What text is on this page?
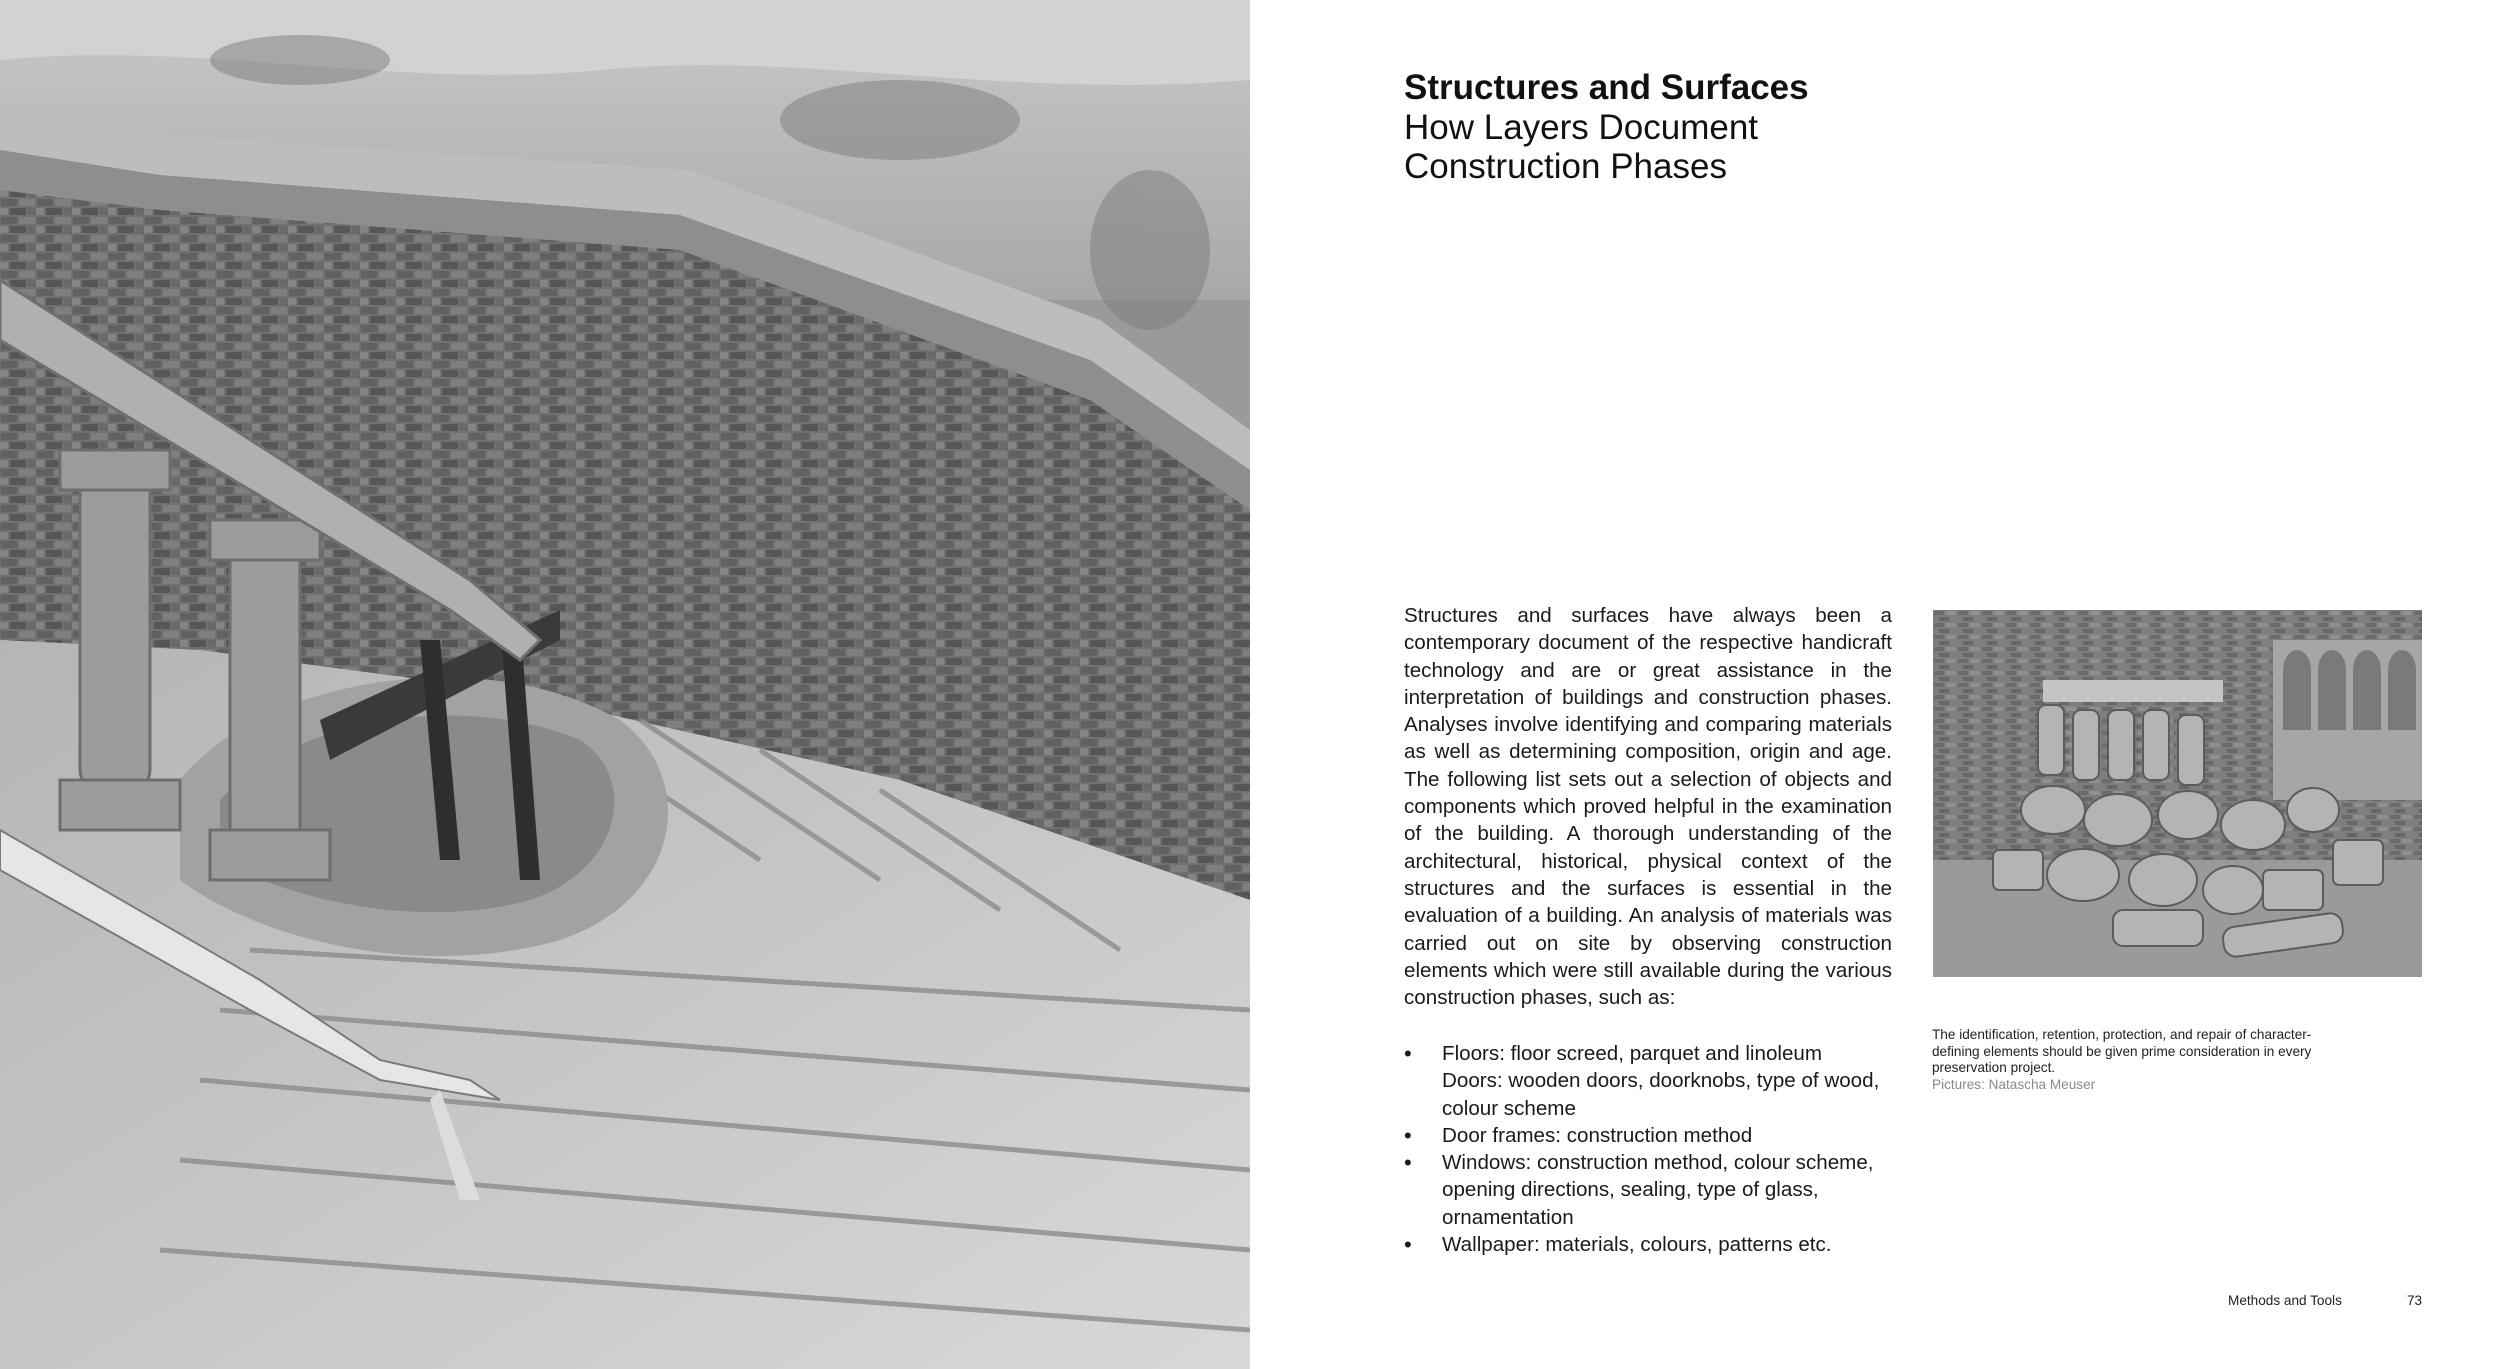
Structures and Surfaces
How Layers Document
Construction Phases
Structures and surfaces have always been a contemporary document of the respective handicraft technology and are or great assistance in the interpretation of buildings and construction phases. Analyses involve identifying and comparing materials as well as determining composition, origin and age. The following list sets out a selection of objects and components which proved helpful in the examination of the building. A thorough understanding of the architectural, historical, physical context of the structures and the surfaces is essential in the evaluation of a building. An analysis of materials was carried out on site by observing construction elements which were still available during the various construction phases, such as:
• Floors: floor screed, parquet and linoleum
Doors: wooden doors, doorknobs, type of wood, colour scheme
• Door frames: construction method
• Windows: construction method, colour scheme, opening directions, sealing, type of glass, ornamentation
• Wallpaper: materials, colours, patterns etc.
The identification, retention, protection, and repair of character-defining elements should be given prime consideration in every preservation project.
Pictures: Natascha Meuser
Methods and Tools	73
